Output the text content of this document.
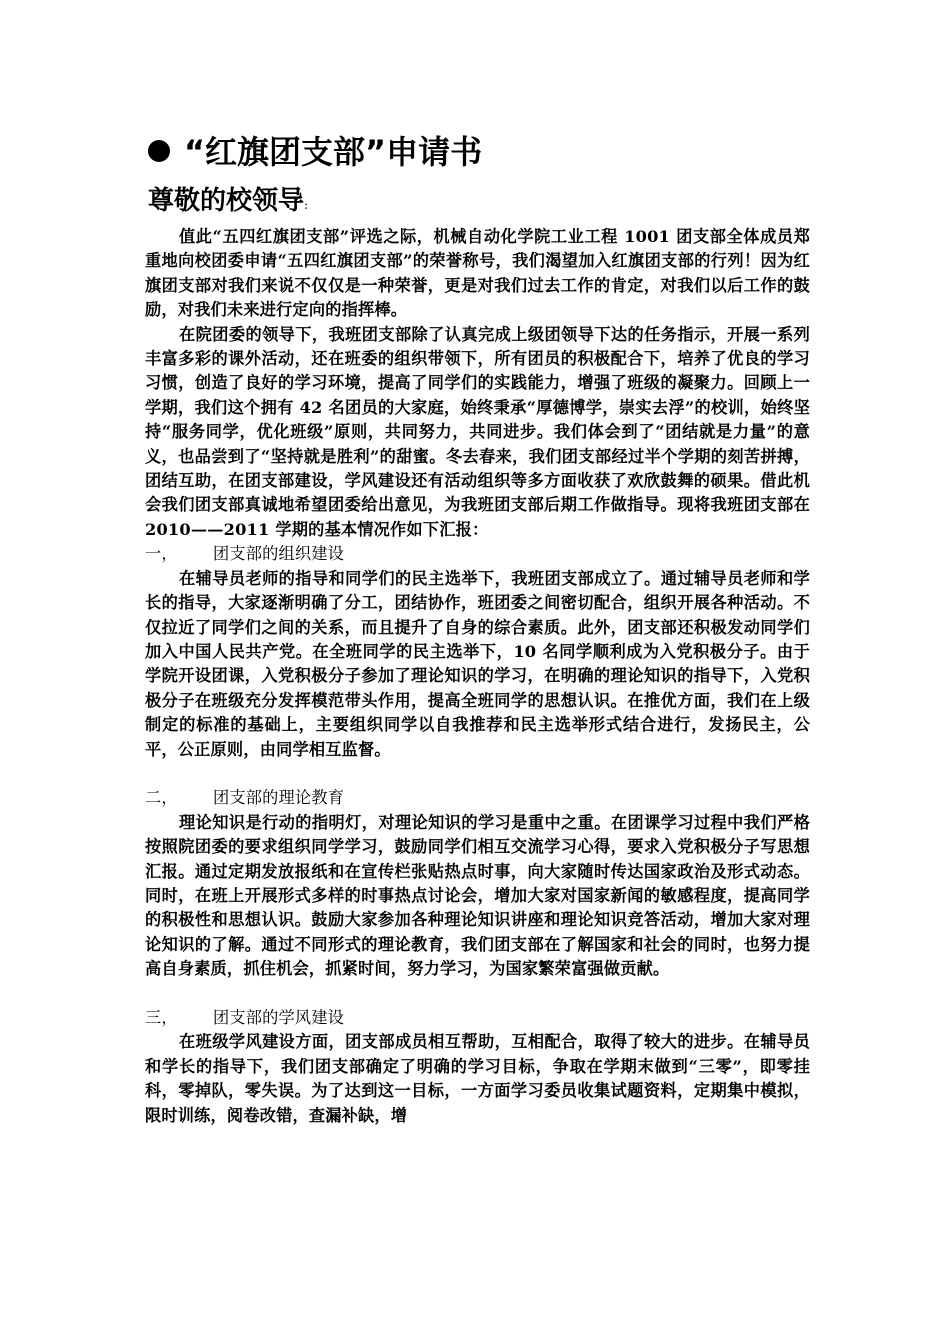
“红旗团支部”申请书
尊敬的校领导:

值此“五四红旗团支部”评选之际，机械自动化学院工业工程 1001 团支部全体成员郑重地向校团委申请“五四红旗团支部”的荣誉称号，我们渴望加入红旗团支部的行列！因为红旗团支部对我们来说不仅仅是一种荣誉，更是对我们过去工作的肯定，对我们以后工作的鼓励，对我们未来进行定向的指挥棒。

在院团委的领导下，我班团支部除了认真完成上级团领导下达的任务指示，开展一系列丰富多彩的课外活动，还在班委的组织带领下，所有团员的积极配合下，培养了优良的学习习惯，创造了良好的学习环境，提高了同学们的实践能力，增强了班级的凝聚力。回顾上一学期，我们这个拥有 42 名团员的大家庭，始终秉承“厚德博学，崇实去浮”的校训，始终坚持“服务同学，优化班级”原则，共同努力，共同进步。我们体会到了“团结就是力量”的意义，也品尝到了“坚持就是胜利”的甜蜜。冬去春来，我们团支部经过半个学期的刻苦拼搏，团结互助，在团支部建设，学风建设还有活动组织等多方面收获了欢欣鼓舞的硕果。借此机会我们团支部真诚地希望团委给出意见，为我班团支部后期工作做指导。现将我班团支部在 2010——2011 学期的基本情况作如下汇报：

一， 团支部的组织建设

在辅导员老师的指导和同学们的民主选举下，我班团支部成立了。通过辅导员老师和学长的指导，大家逐渐明确了分工，团结协作，班团委之间密切配合，组织开展各种活动。不仅拉近了同学们之间的关系，而且提升了自身的综合素质。此外，团支部还积极发动同学们加入中国人民共产党。在全班同学的民主选举下，10 名同学顺利成为入党积极分子。由于学院开设团课，入党积极分子参加了理论知识的学习，在明确的理论知识的指导下，入党积极分子在班级充分发挥模范带头作用，提高全班同学的思想认识。在推优方面，我们在上级制定的标准的基础上，主要组织同学以自我推荐和民主选举形式结合进行，发扬民主，公平，公正原则，由同学相互监督。

二， 团支部的理论教育

理论知识是行动的指明灯，对理论知识的学习是重中之重。在团课学习过程中我们严格按照院团委的要求组织同学学习，鼓励同学们相互交流学习心得，要求入党积极分子写思想汇报。通过定期发放报纸和在宣传栏张贴热点时事，向大家随时传达国家政治及形式动态。同时，在班上开展形式多样的时事热点讨论会，增加大家对国家新闻的敏感程度，提高同学的积极性和思想认识。鼓励大家参加各种理论知识讲座和理论知识竞答活动，增加大家对理论知识的了解。通过不同形式的理论教育，我们团支部在了解国家和社会的同时，也努力提高自身素质，抓住机会，抓紧时间，努力学习，为国家繁荣富强做贡献。

三， 团支部的学风建设

在班级学风建设方面，团支部成员相互帮助，互相配合，取得了较大的进步。在辅导员和学长的指导下，我们团支部确定了明确的学习目标，争取在学期末做到“三零”，即零挂科，零掉队，零失误。为了达到这一目标，一方面学习委员收集试题资料，定期集中模拟，限时训练，阅卷改错，查漏补缺，增
